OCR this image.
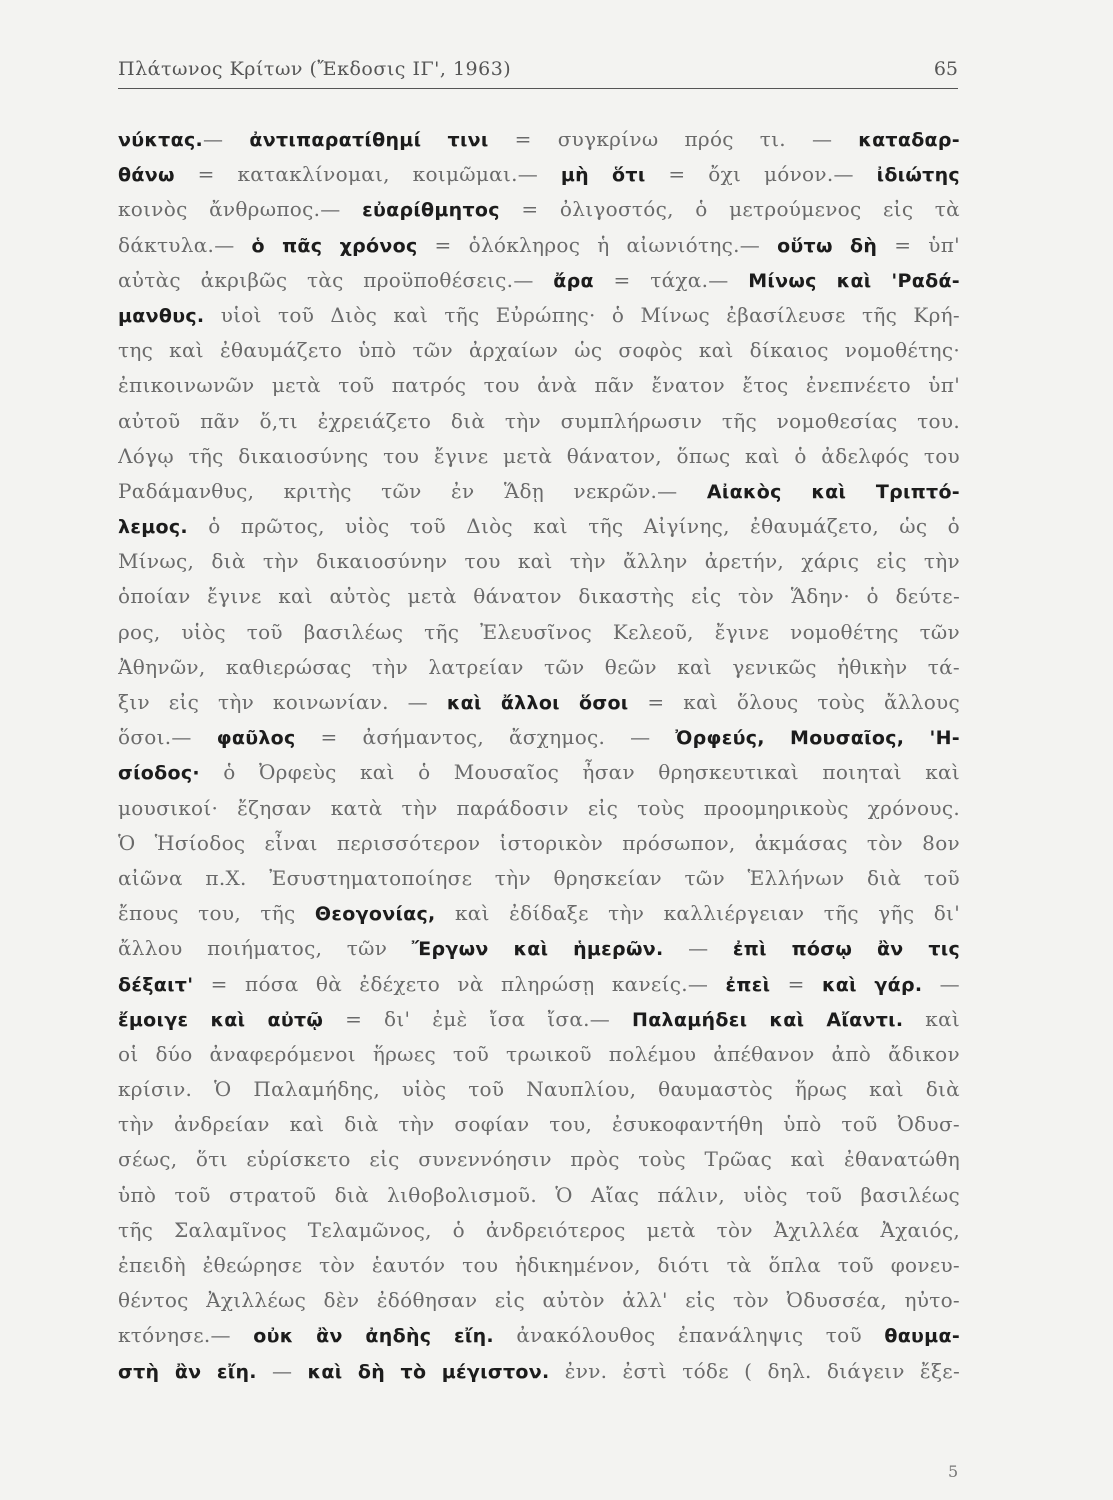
Πλάτωνος Κρίτων (Ἔκδοσις ΙΓ', 1963)	65
νύκτας.— ἀντιπαρατίθημί τινι = συγκρίνω πρός τι. — καταδαρ-
θάνω = κατακλίνομαι, κοιμῶμαι.— μὴ ὅτι = ὄχι μόνον.— ἰδιώτης
κοινὸς ἄνθρωπος.— εὐαρίθμητος = ὀλιγοστός, ὁ μετρούμενος εἰς τὰ
δάκτυλα.— ὁ πᾶς χρόνος = ὁλόκληρος ἡ αἰωνιότης.— οὕτω δὴ = ὑπ'
αὐτὰς ἀκριβῶς τὰς προϋποθέσεις.— ἄρα = τάχα.— Μίνως καὶ 'Ραδά-
μανθυς. υἱοὶ τοῦ Διὸς καὶ τῆς Εὐρώπης· ὁ Μίνως ἐβασίλευσε τῆς Κρή-
της καὶ ἐθαυμάζετο ὑπὸ τῶν ἀρχαίων ὡς σοφὸς καὶ δίκαιος νομοθέτης·
ἐπικοινωνῶν μετὰ τοῦ πατρός του ἀνὰ πᾶν ἔνατον ἔτος ἐνεπνέετο ὑπ'
αὐτοῦ πᾶν ὅ,τι ἐχρειάζετο διὰ τὴν συμπλήρωσιν τῆς νομοθεσίας του.
Λόγῳ τῆς δικαιοσύνης του ἔγινε μετὰ θάνατον, ὅπως καὶ ὁ ἀδελφός του
Ραδάμανθυς, κριτὴς τῶν ἐν Ἅδῃ νεκρῶν.— Αἰακὸς καὶ Τριπτό-
λεμος. ὁ πρῶτος, υἱὸς τοῦ Διὸς καὶ τῆς Αἰγίνης, ἐθαυμάζετο, ὡς ὁ
Μίνως, διὰ τὴν δικαιοσύνην του καὶ τὴν ἄλλην ἀρετήν, χάρις εἰς τὴν
ὁποίαν ἔγινε καὶ αὐτὸς μετὰ θάνατον δικαστὴς εἰς τὸν Ἅδην· ὁ δεύτε-
ρος, υἱὸς τοῦ βασιλέως τῆς Ἐλευσῖνος Κελεοῦ, ἔγινε νομοθέτης τῶν
Ἀθηνῶν, καθιερώσας τὴν λατρείαν τῶν θεῶν καὶ γενικῶς ἠθικὴν τά-
ξιν εἰς τὴν κοινωνίαν. — καὶ ἄλλοι ὅσοι = καὶ ὅλους τοὺς ἄλλους
ὅσοι.— φαῦλος = ἀσήμαντος, ἄσχημος. — Ὀρφεύς, Μουσαῖος, 'Η-
σίοδος· ὁ Ὀρφεὺς καὶ ὁ Μουσαῖος ἦσαν θρησκευτικαὶ ποιηταὶ καὶ
μουσικοί· ἔζησαν κατὰ τὴν παράδοσιν εἰς τοὺς προομηρικοὺς χρόνους.
Ὁ Ἡσίοδος εἶναι περισσότερον ἱστορικὸν πρόσωπον, ἀκμάσας τὸν 8ον
αἰῶνα π.Χ. Ἐσυστηματοποίησε τὴν θρησκείαν τῶν Ἑλλήνων διὰ τοῦ
ἔπους του, τῆς Θεογονίας, καὶ ἐδίδαξε τὴν καλλιέργειαν τῆς γῆς δι'
ἄλλου ποιήματος, τῶν Ἔργων καὶ ἡμερῶν. — ἐπὶ πόσῳ ἂν τις
δέξαιτ' = πόσα θὰ ἐδέχετο νὰ πληρώσῃ κανείς.— ἐπεὶ = καὶ γάρ. —
ἔμοιγε καὶ αὐτῷ = δι' ἐμὲ ἴσα ἴσα.— Παλαμήδει καὶ Αἴαντι. καὶ
οἱ δύο ἀναφερόμενοι ἥρωες τοῦ τρωικοῦ πολέμου ἀπέθανον ἀπὸ ἄδικον
κρίσιν. Ὁ Παλαμήδης, υἱὸς τοῦ Ναυπλίου, θαυμαστὸς ἥρως καὶ διὰ
τὴν ἀνδρείαν καὶ διὰ τὴν σοφίαν του, ἐσυκοφαντήθη ὑπὸ τοῦ Ὀδυσ-
σέως, ὅτι εὑρίσκετο εἰς συνεννόησιν πρὸς τοὺς Τρῶας καὶ ἐθανατώθη
ὑπὸ τοῦ στρατοῦ διὰ λιθοβολισμοῦ. Ὁ Αἴας πάλιν, υἱὸς τοῦ βασιλέως
τῆς Σαλαμῖνος Τελαμῶνος, ὁ ἀνδρειότερος μετὰ τὸν Ἀχιλλέα Ἀχαιός,
ἐπειδὴ ἐθεώρησε τὸν ἑαυτόν του ἠδικημένον, διότι τὰ ὅπλα τοῦ φονευ-
θέντος Ἀχιλλέως δὲν ἐδόθησαν εἰς αὐτὸν ἀλλ' εἰς τὸν Ὀδυσσέα, ηὐτο-
κτόνησε.— οὐκ ἂν ἀηδὴς εἴη. ἀνακόλουθος ἐπανάληψις τοῦ θαυμα-
στὴ ἂν εἴη. — καὶ δὴ τὸ μέγιστον. ἐνν. ἐστὶ τόδε ( δηλ. διάγειν ἔξε-
5
